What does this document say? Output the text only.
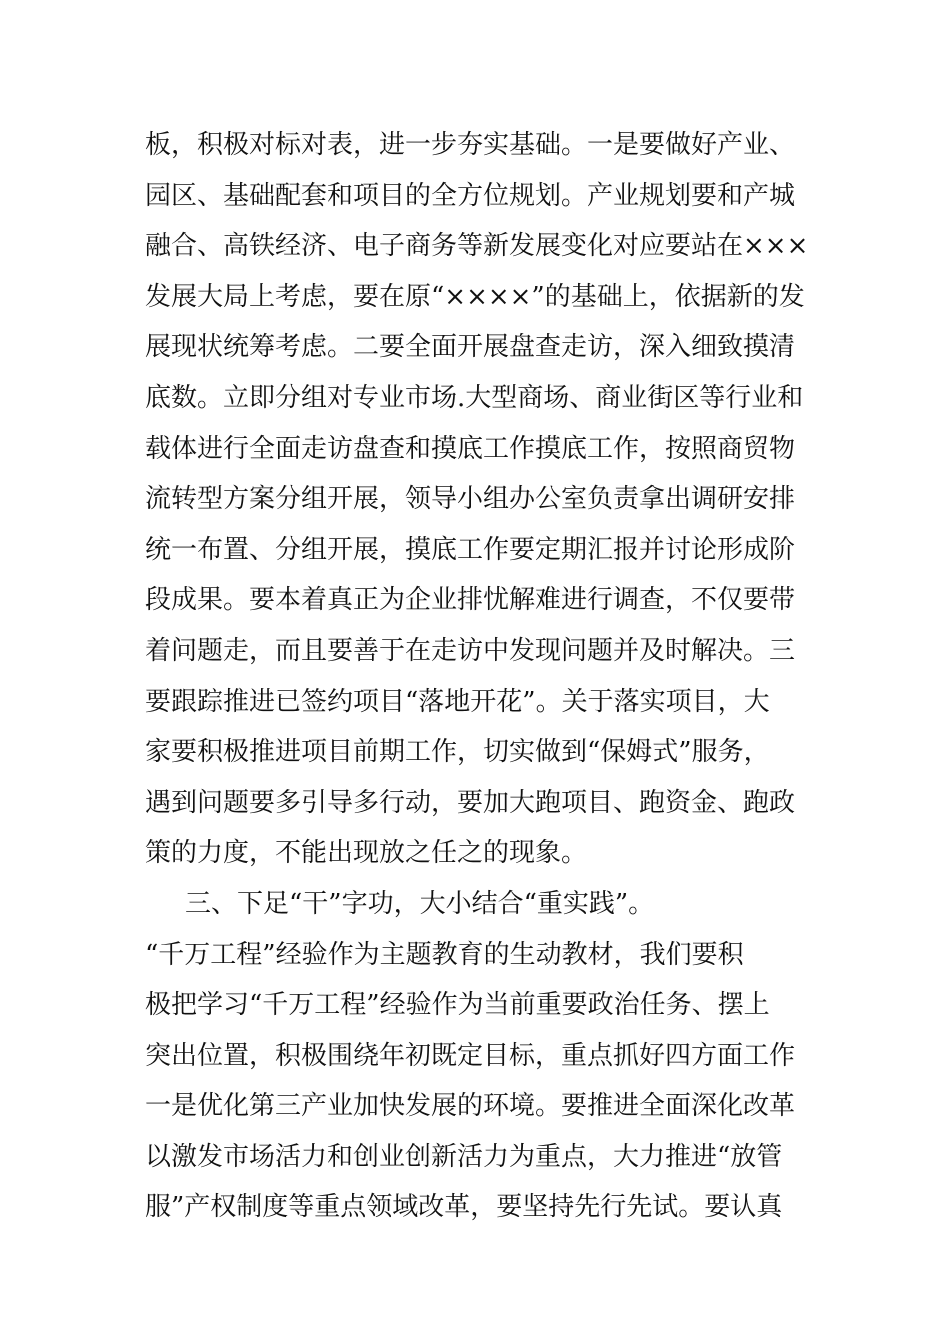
板，积极对标对表，进一步夯实基础。一是要做好产业、
园区、基础配套和项目的全方位规划。产业规划要和产城
融合、高铁经济、电子商务等新发展变化对应要站在×××
发展大局上考虑，要在原“××××”的基础上，依据新的发
展现状统筹考虑。二要全面开展盘查走访，深入细致摸清
底数。立即分组对专业市场.大型商场、商业街区等行业和
载体进行全面走访盘查和摸底工作摸底工作，按照商贸物
流转型方案分组开展，领导小组办公室负责拿出调研安排
统一布置、分组开展，摸底工作要定期汇报并讨论形成阶
段成果。要本着真正为企业排忧解难进行调查，不仅要带
着问题走，而且要善于在走访中发现问题并及时解决。三
要跟踪推进已签约项目“落地开花”。关于落实项目，大
家要积极推进项目前期工作，切实做到“保姆式”服务，
遇到问题要多引导多行动，要加大跑项目、跑资金、跑政
策的力度，不能出现放之任之的现象。
三、下足“干”字功，大小结合“重实践”。
“千万工程”经验作为主题教育的生动教材，我们要积
极把学习“千万工程”经验作为当前重要政治任务、摆上
突出位置，积极围绕年初既定目标，重点抓好四方面工作
一是优化第三产业加快发展的环境。要推进全面深化改革
以激发市场活力和创业创新活力为重点，大力推进“放管
服”产权制度等重点领域改革，要坚持先行先试。要认真
